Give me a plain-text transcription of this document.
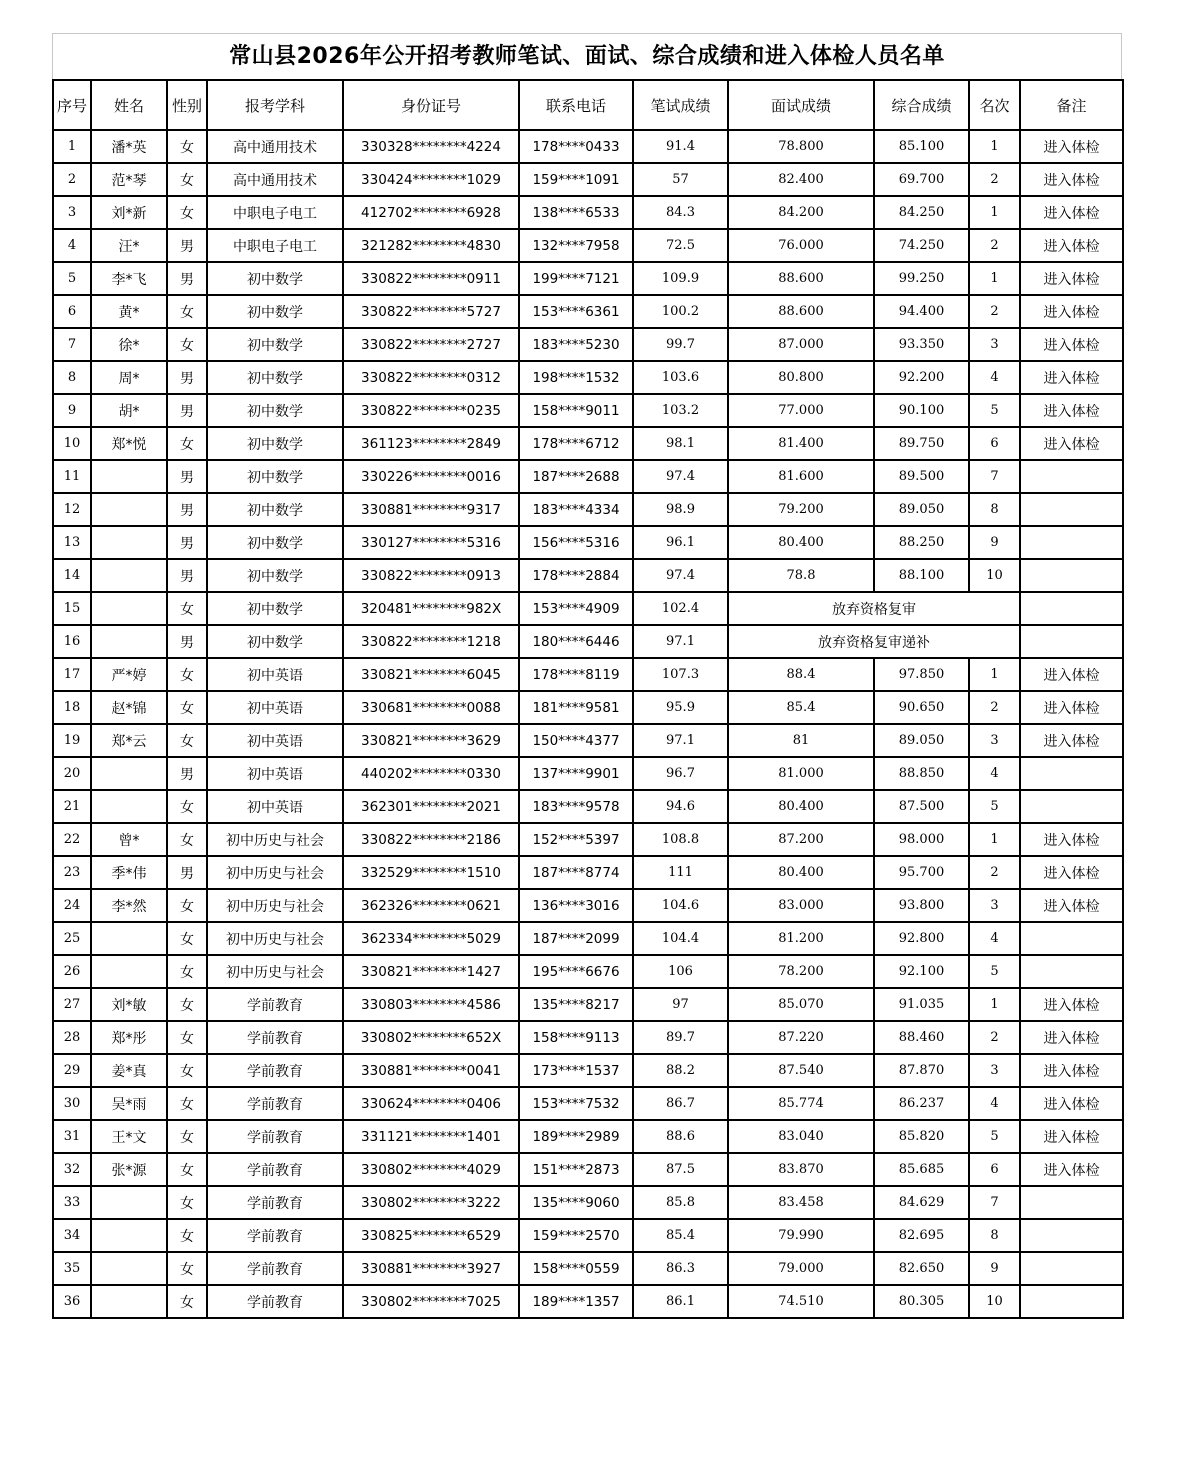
常山县2026年公开招考教师笔试、面试、综合成绩和进入体检人员名单
序号	姓名	性别	报考学科	身份证号	联系电话	笔试成绩	面试成绩	综合成绩	名次	备注
1	潘*英	女	高中通用技术	330328********4224	178****0433	91.4	78.800	85.100	1	进入体检
2	范*琴	女	高中通用技术	330424********1029	159****1091	57	82.400	69.700	2	进入体检
3	刘*新	女	中职电子电工	412702********6928	138****6533	84.3	84.200	84.250	1	进入体检
4	汪*	男	中职电子电工	321282********4830	132****7958	72.5	76.000	74.250	2	进入体检
5	李*飞	男	初中数学	330822********0911	199****7121	109.9	88.600	99.250	1	进入体检
6	黄*	女	初中数学	330822********5727	153****6361	100.2	88.600	94.400	2	进入体检
7	徐*	女	初中数学	330822********2727	183****5230	99.7	87.000	93.350	3	进入体检
8	周*	男	初中数学	330822********0312	198****1532	103.6	80.800	92.200	4	进入体检
9	胡*	男	初中数学	330822********0235	158****9011	103.2	77.000	90.100	5	进入体检
10	郑*悦	女	初中数学	361123********2849	178****6712	98.1	81.400	89.750	6	进入体检
11		男	初中数学	330226********0016	187****2688	97.4	81.600	89.500	7	
12		男	初中数学	330881********9317	183****4334	98.9	79.200	89.050	8	
13		男	初中数学	330127********5316	156****5316	96.1	80.400	88.250	9	
14		男	初中数学	330822********0913	178****2884	97.4	78.8	88.100	10	
15		女	初中数学	320481********982X	153****4909	102.4	放弃资格复审			
16		男	初中数学	330822********1218	180****6446	97.1	放弃资格复审递补			
17	严*婷	女	初中英语	330821********6045	178****8119	107.3	88.4	97.850	1	进入体检
18	赵*锦	女	初中英语	330681********0088	181****9581	95.9	85.4	90.650	2	进入体检
19	郑*云	女	初中英语	330821********3629	150****4377	97.1	81	89.050	3	进入体检
20		男	初中英语	440202********0330	137****9901	96.7	81.000	88.850	4	
21		女	初中英语	362301********2021	183****9578	94.6	80.400	87.500	5	
22	曾*	女	初中历史与社会	330822********2186	152****5397	108.8	87.200	98.000	1	进入体检
23	季*伟	男	初中历史与社会	332529********1510	187****8774	111	80.400	95.700	2	进入体检
24	李*然	女	初中历史与社会	362326********0621	136****3016	104.6	83.000	93.800	3	进入体检
25		女	初中历史与社会	362334********5029	187****2099	104.4	81.200	92.800	4	
26		女	初中历史与社会	330821********1427	195****6676	106	78.200	92.100	5	
27	刘*敏	女	学前教育	330803********4586	135****8217	97	85.070	91.035	1	进入体检
28	郑*彤	女	学前教育	330802********652X	158****9113	89.7	87.220	88.460	2	进入体检
29	姜*真	女	学前教育	330881********0041	173****1537	88.2	87.540	87.870	3	进入体检
30	吴*雨	女	学前教育	330624********0406	153****7532	86.7	85.774	86.237	4	进入体检
31	王*文	女	学前教育	331121********1401	189****2989	88.6	83.040	85.820	5	进入体检
32	张*源	女	学前教育	330802********4029	151****2873	87.5	83.870	85.685	6	进入体检
33		女	学前教育	330802********3222	135****9060	85.8	83.458	84.629	7	
34		女	学前教育	330825********6529	159****2570	85.4	79.990	82.695	8	
35		女	学前教育	330881********3927	158****0559	86.3	79.000	82.650	9	
36		女	学前教育	330802********7025	189****1357	86.1	74.510	80.305	10	
